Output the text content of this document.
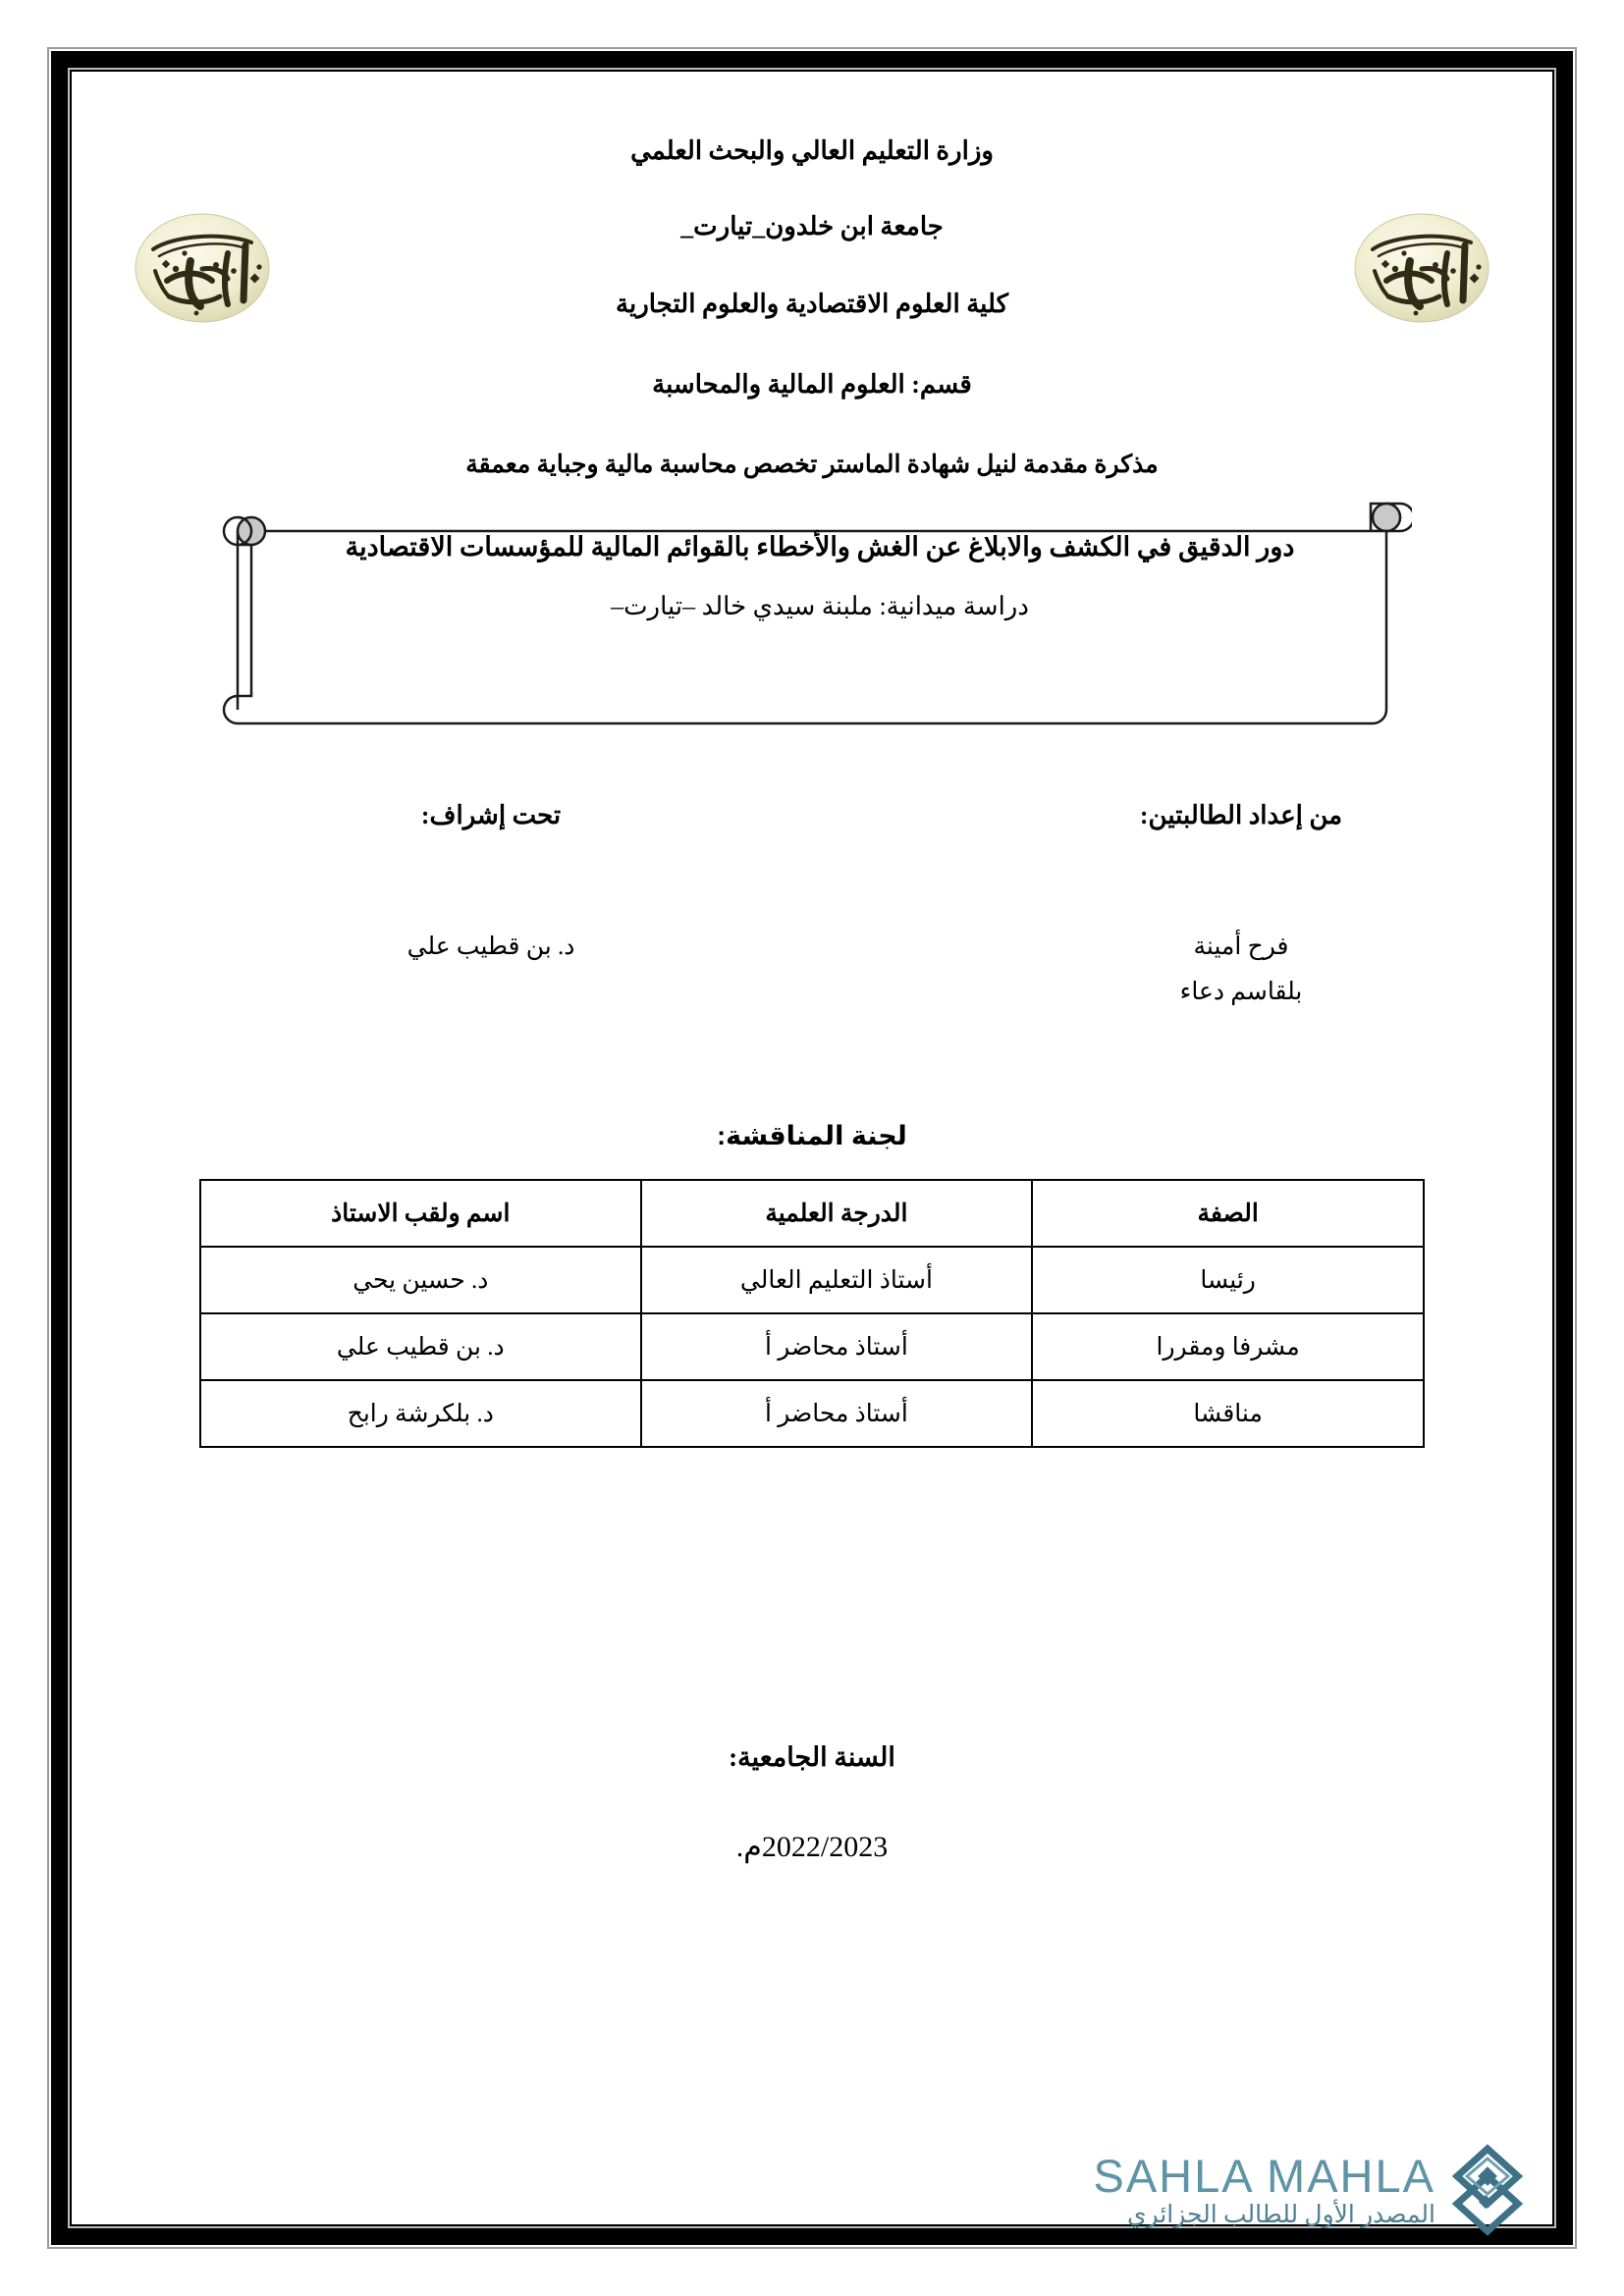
وزارة التعليم العالي والبحث العلمي

جامعة ابن خلدون_تيارت_

كلية العلوم الاقتصادية والعلوم التجارية

قسم: العلوم المالية والمحاسبة

مذكرة مقدمة لنيل شهادة الماستر تخصص محاسبة مالية وجباية معمقة

دور الدقيق في الكشف والابلاغ عن الغش والأخطاء بالقوائم المالية للمؤسسات الاقتصادية

دراسة ميدانية: ملبنة سيدي خالد –تيارت–

من إعداد الطالبتين:

فرح أمينة

بلقاسم دعاء

تحت إشراف:

د. بن قطيب علي

لجنة المناقشة:

الصفة	الدرجة العلمية	اسم ولقب الاستاذ
رئيسا	أستاذ التعليم العالي	د. حسين يحي
مشرفا ومقررا	أستاذ محاضر أ	د. بن قطيب علي
مناقشا	أستاذ محاضر أ	د. بلكرشة رابح

السنة الجامعية:

2022/2023م.

SAHLA MAHLA

المصدر الأول للطالب الجزائري
